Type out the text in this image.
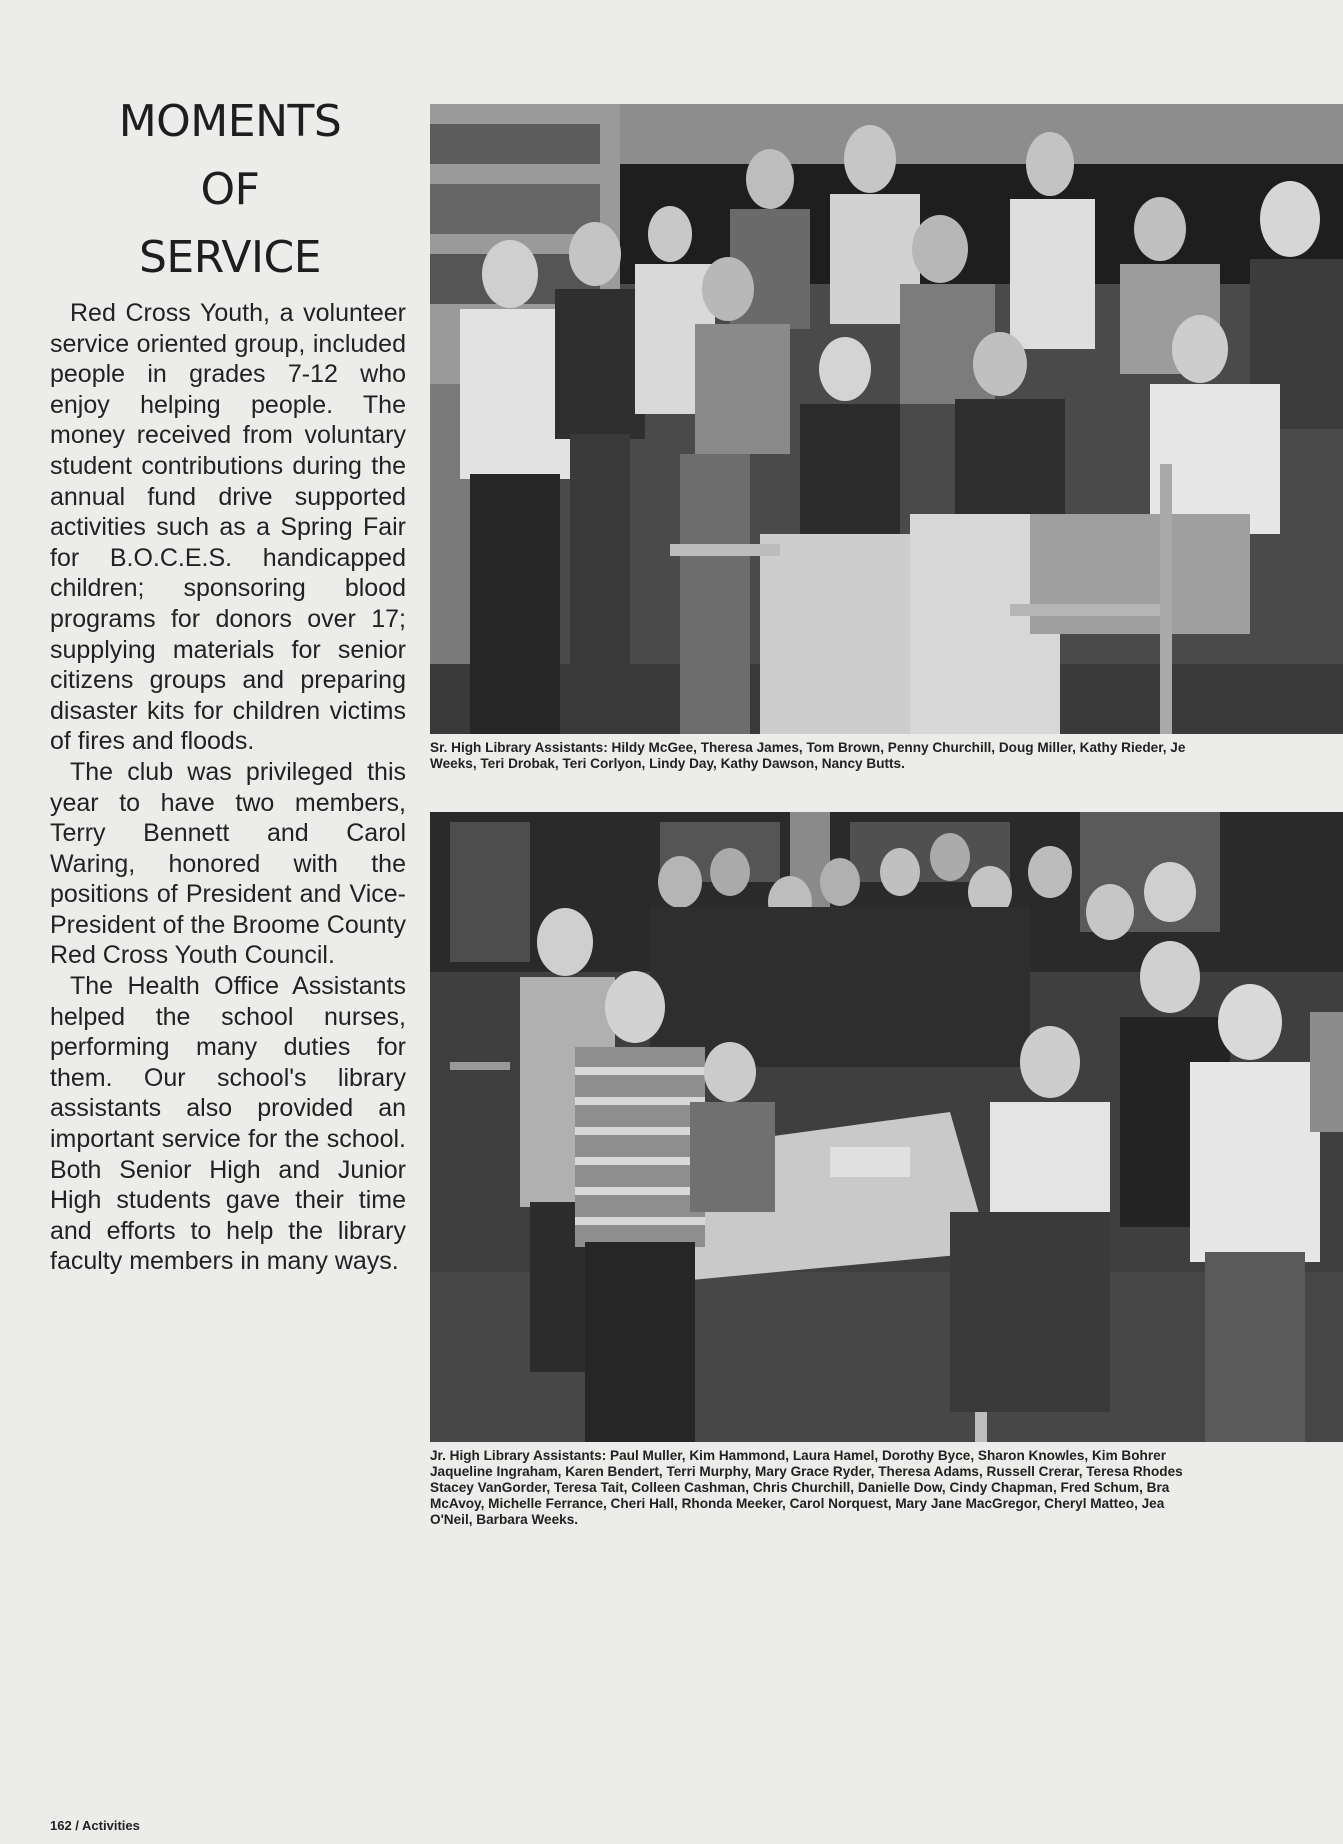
MOMENTS
OF
SERVICE

Red Cross Youth, a volunteer service oriented group, included people in grades 7-12 who enjoy helping people. The money received from voluntary student contributions during the annual fund drive supported activities such as a Spring Fair for B.O.C.E.S. handicapped children; sponsoring blood programs for donors over 17; supplying materials for senior citizens groups and preparing disaster kits for children victims of fires and floods.

The club was privileged this year to have two members, Terry Bennett and Carol Waring, honored with the positions of President and Vice-President of the Broome County Red Cross Youth Council.

The Health Office Assistants helped the school nurses, performing many duties for them. Our school's library assistants also provided an important service for the school. Both Senior High and Junior High students gave their time and efforts to help the library faculty members in many ways.

Sr. High Library Assistants: Hildy McGee, Theresa James, Tom Brown, Penny Churchill, Doug Miller, Kathy Rieder, Je
Weeks, Teri Drobak, Teri Corlyon, Lindy Day, Kathy Dawson, Nancy Butts.
Jr. High Library Assistants: Paul Muller, Kim Hammond, Laura Hamel, Dorothy Byce, Sharon Knowles, Kim Bohrer
Jaqueline Ingraham, Karen Bendert, Terri Murphy, Mary Grace Ryder, Theresa Adams, Russell Crerar, Teresa Rhodes
Stacey VanGorder, Teresa Tait, Colleen Cashman, Chris Churchill, Danielle Dow, Cindy Chapman, Fred Schum, Bra
McAvoy, Michelle Ferrance, Cheri Hall, Rhonda Meeker, Carol Norquest, Mary Jane MacGregor, Cheryl Matteo, Jea
O'Neil, Barbara Weeks.
162 / Activities
